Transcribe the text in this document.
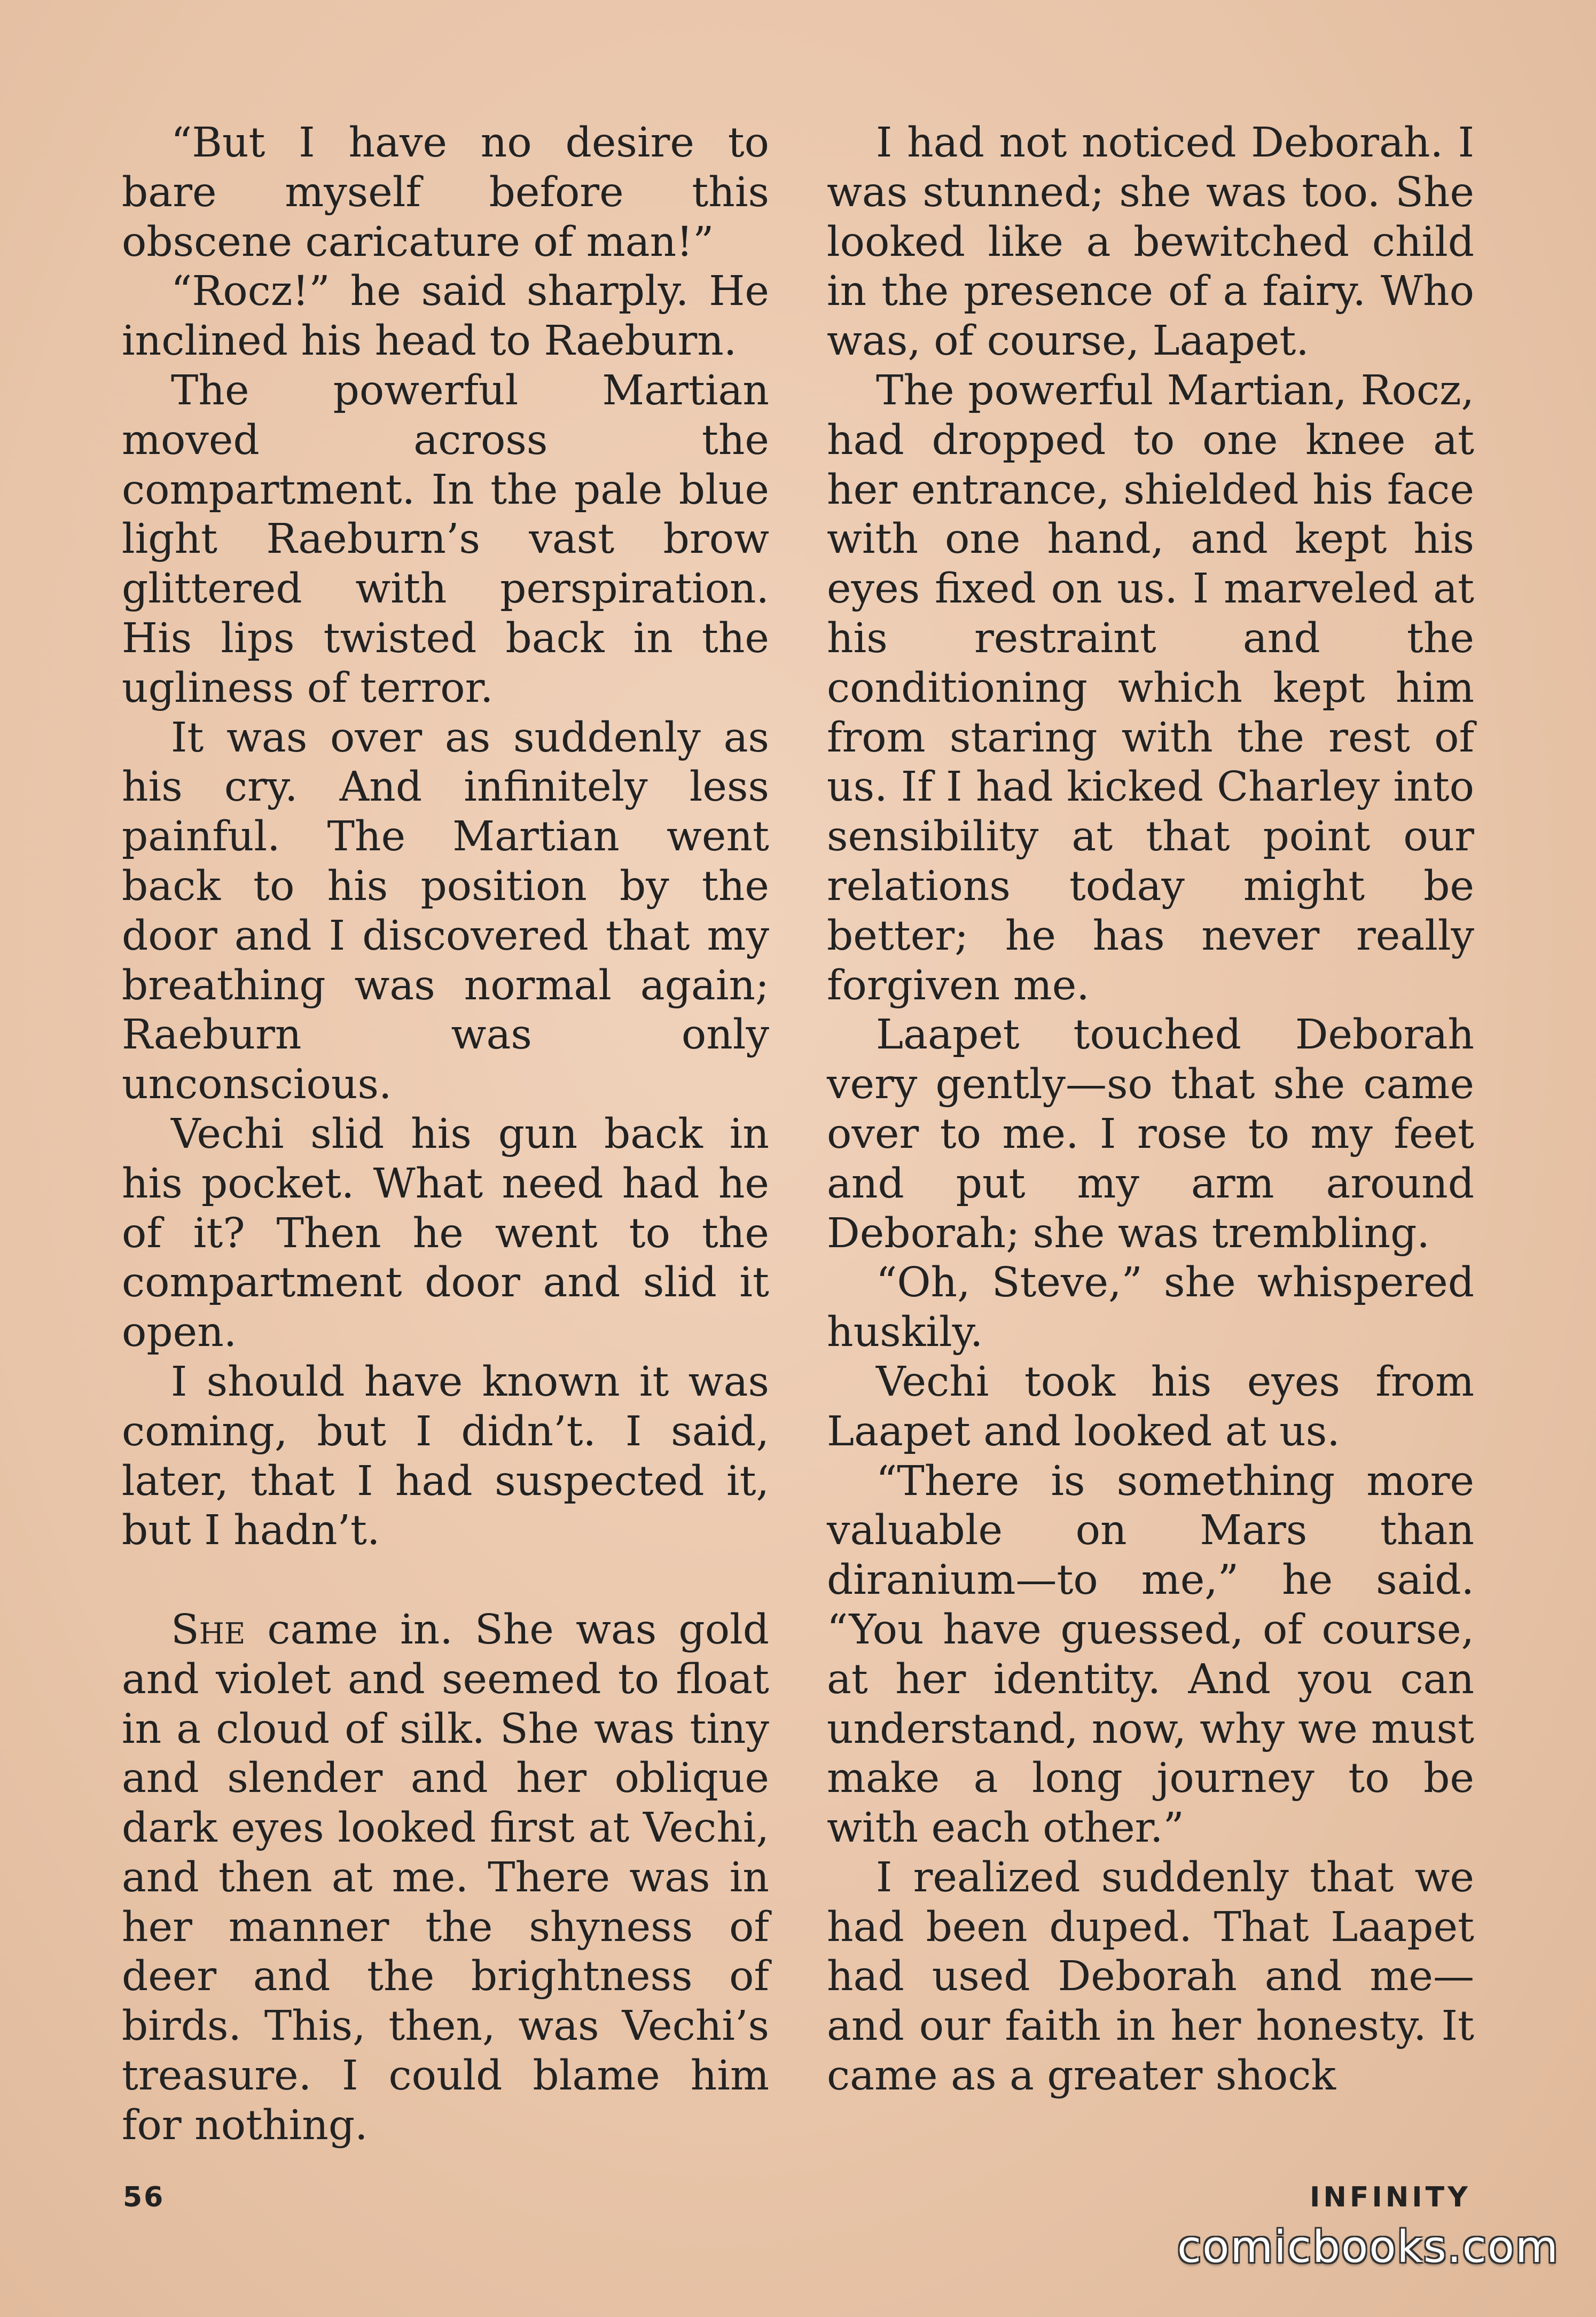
“But I have no desire to bare myself before this obscene caricature of man!”

“Rocz!” he said sharply. He inclined his head to Raeburn.

The powerful Martian moved across the compartment. In the pale blue light Raeburn’s vast brow glittered with perspiration. His lips twisted back in the ugliness of terror.

It was over as suddenly as his cry. And infinitely less painful. The Martian went back to his position by the door and I discovered that my breathing was normal again; Raeburn was only unconscious.

Vechi slid his gun back in his pocket. What need had he of it? Then he went to the compartment door and slid it open.

I should have known it was coming, but I didn’t. I said, later, that I had suspected it, but I hadn’t.

She came in. She was gold and violet and seemed to float in a cloud of silk. She was tiny and slender and her oblique dark eyes looked first at Vechi, and then at me. There was in her manner the shyness of deer and the brightness of birds. This, then, was Vechi’s treasure. I could blame him for nothing.

I had not noticed Deborah. I was stunned; she was too. She looked like a bewitched child in the presence of a fairy. Who was, of course, Laapet.

The powerful Martian, Rocz, had dropped to one knee at her entrance, shielded his face with one hand, and kept his eyes fixed on us. I marveled at his restraint and the conditioning which kept him from staring with the rest of us. If I had kicked Charley into sensibility at that point our relations today might be better; he has never really forgiven me.

Laapet touched Deborah very gently—so that she came over to me. I rose to my feet and put my arm around Deborah; she was trembling.

“Oh, Steve,” she whispered huskily.

Vechi took his eyes from Laapet and looked at us.

“There is something more valuable on Mars than diranium—to me,” he said. “You have guessed, of course, at her identity. And you can understand, now, why we must make a long journey to be with each other.”

I realized suddenly that we had been duped. That Laapet had used Deborah and me—and our faith in her honesty. It came as a greater shock

56	INFINITY
comicbooks.com
